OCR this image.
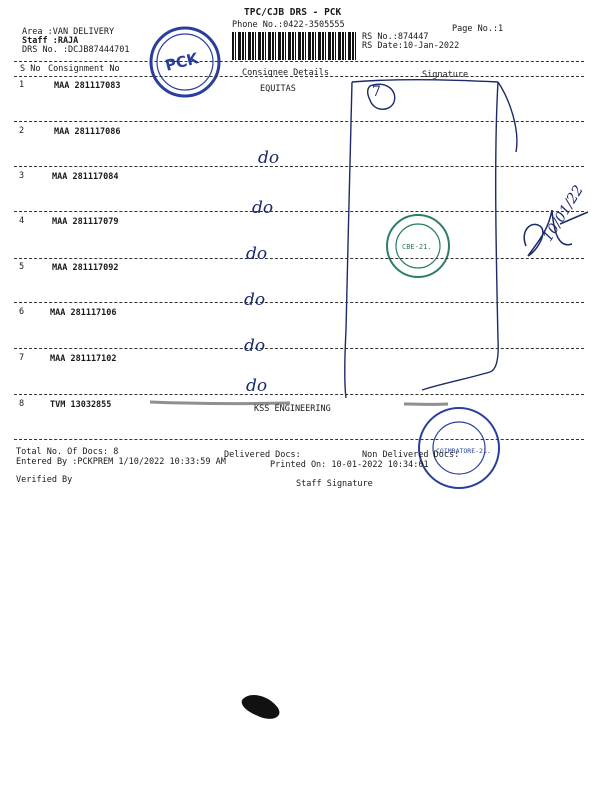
TPC/CJB DRS - PCK
Phone No.:0422-3505555
Area :VAN DELIVERY
Staff :RAJA
DRS No. :DCJB87444701
Page No.:1
RS No.:874447
RS Date:10-Jan-2022
PCK
CBE-21.
COIMBATORE-21.
S No Consignment No	Consignee Details	Signature
1	MAA 281117083	EQUITAS
2	MAA 281117086
3	MAA 281117084
do
4	MAA 281117079
do
5	MAA 281117092
do
6	MAA 281117106
do
7	MAA 281117102
do
do
8	TVM 13032855	KSS ENGINEERING
7
10/01/22
Total No. Of Docs: 8	Delivered Docs:	Non Delivered Docs:
Entered By :PCKPREM 1/10/2022 10:33:59 AM	Printed On: 10-01-2022 10:34:01
Verified By	Staff Signature
